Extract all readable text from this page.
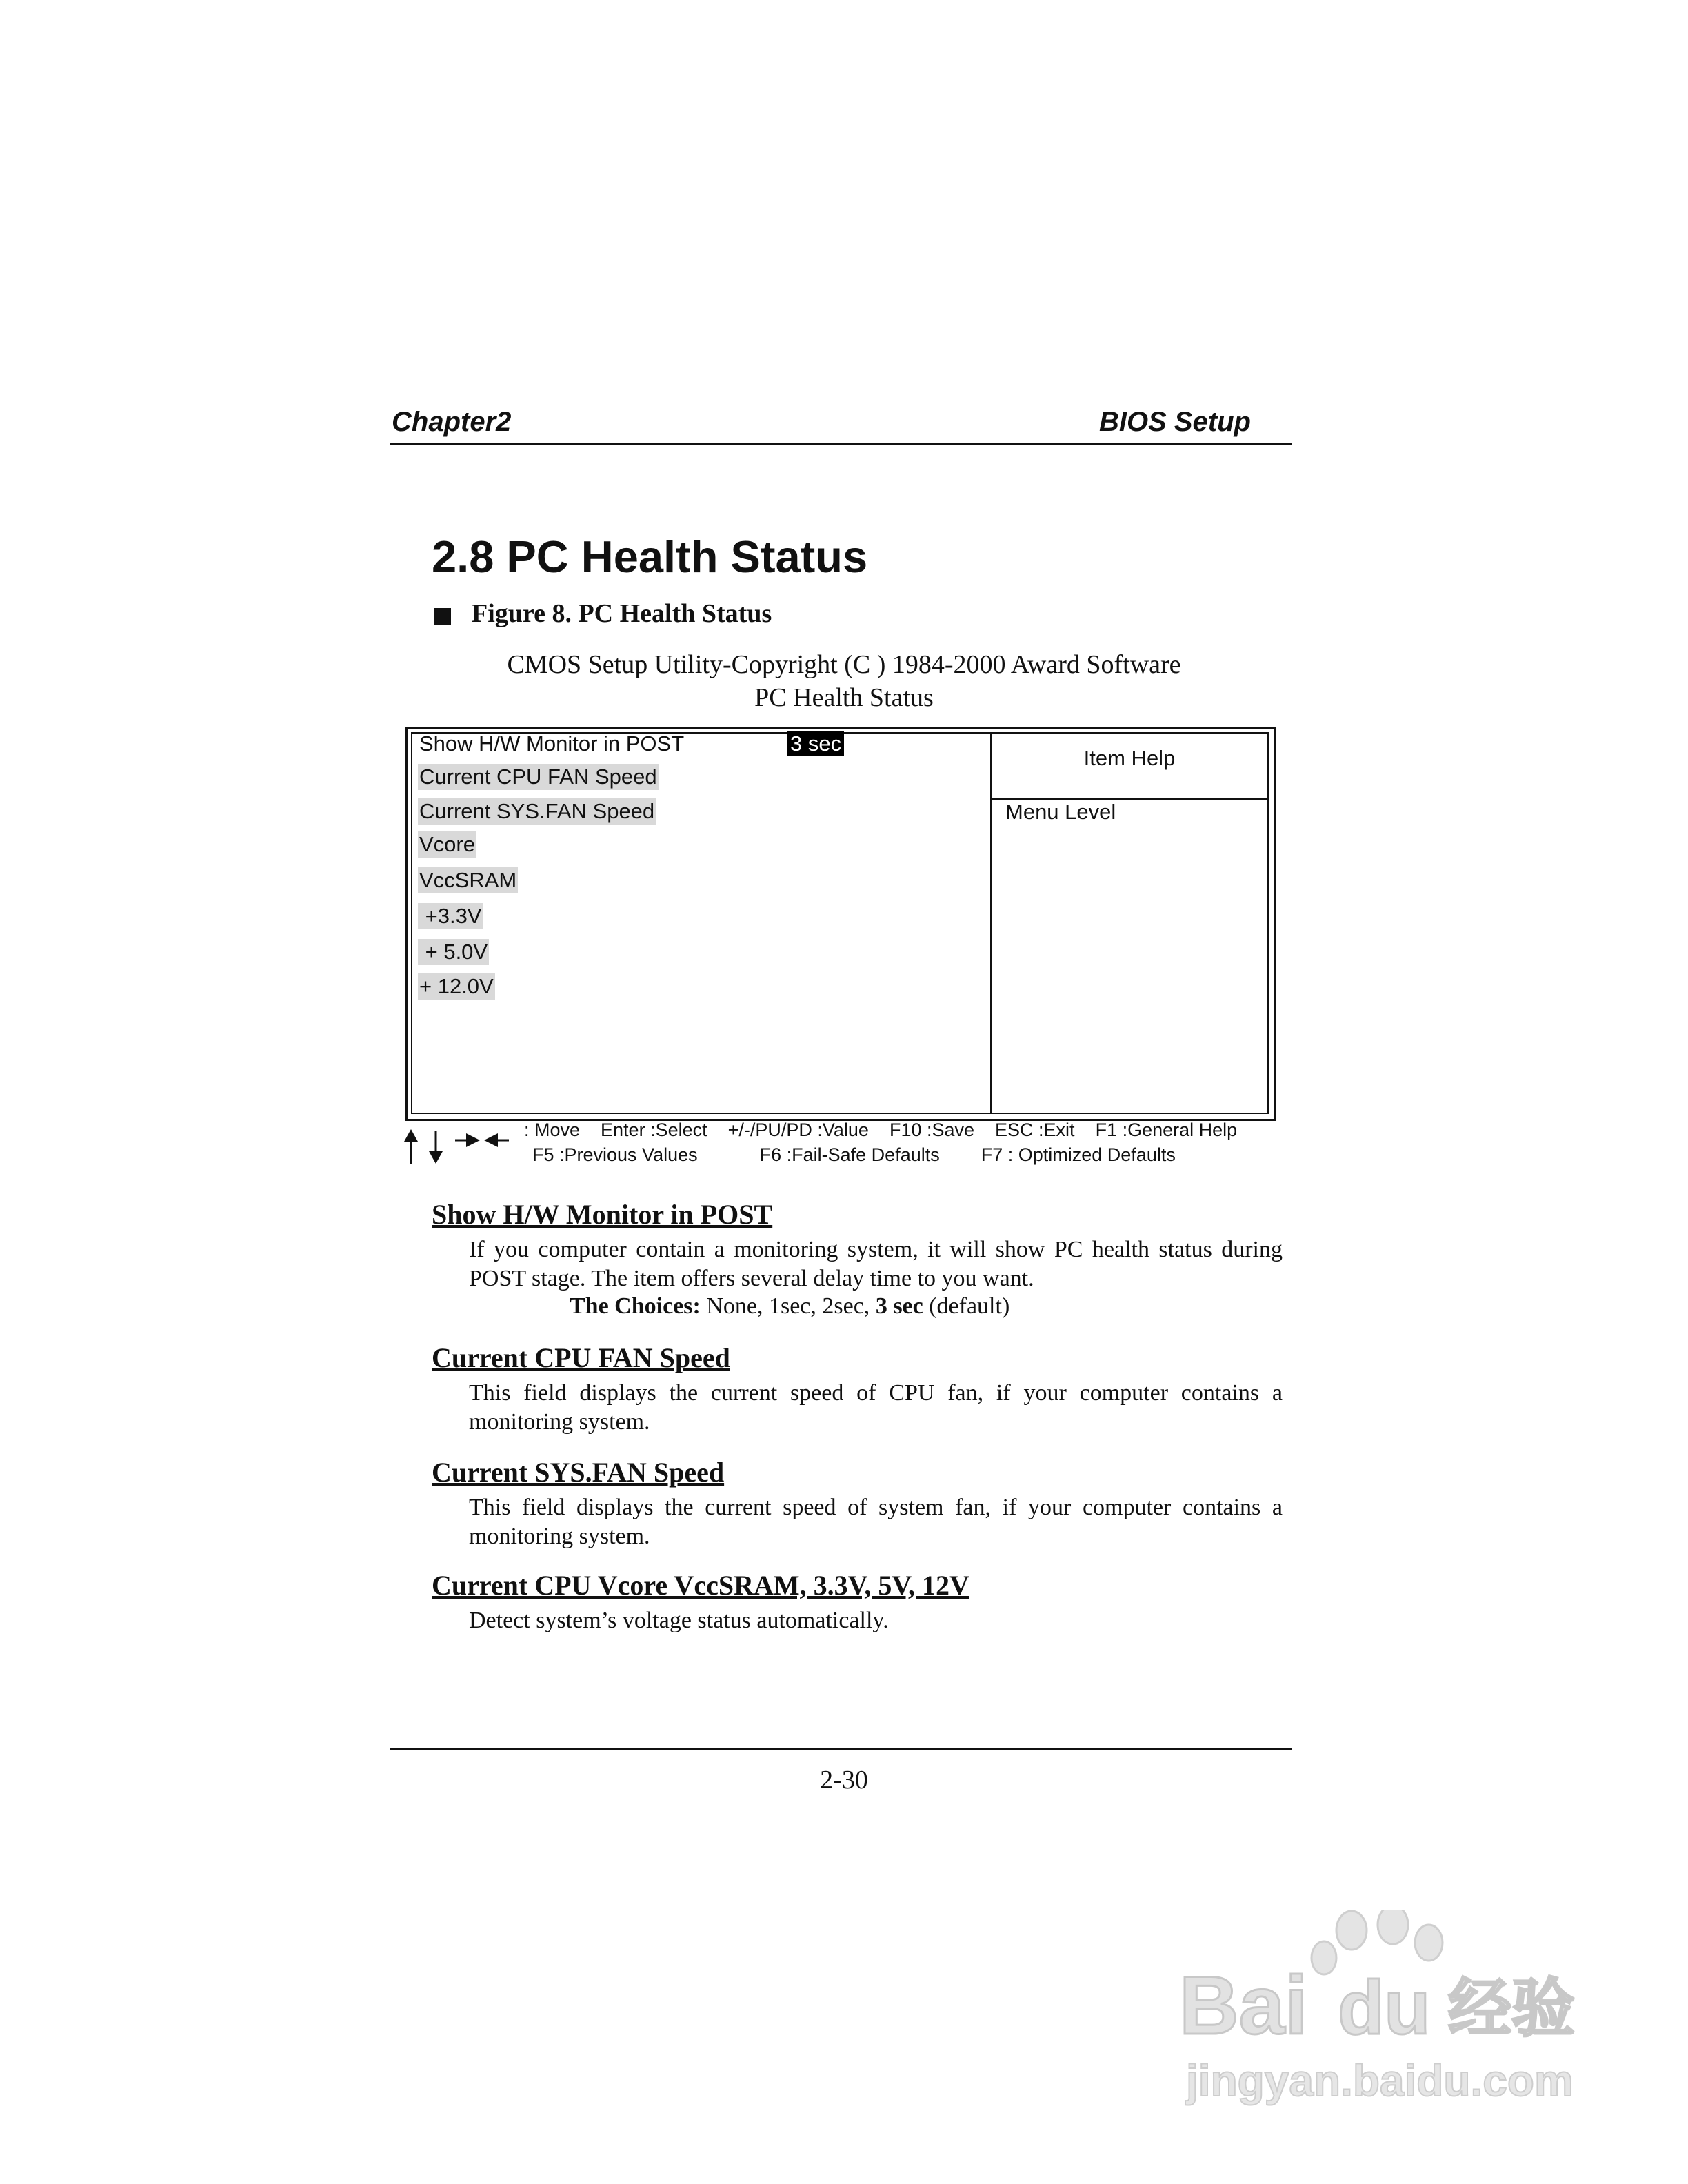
Chapter2	BIOS Setup
2.8 PC Health Status
Figure 8. PC Health Status
CMOS Setup Utility-Copyright (C ) 1984-2000 Award Software
PC Health Status
Show H/W Monitor in POST	3 sec
Current CPU FAN Speed
Current SYS.FAN Speed
Vcore
VccSRAM
+3.3V
+ 5.0V
+ 12.0V
Item Help
Menu Level
: Move    Enter :Select    +/-/PU/PD :Value    F10 :Save    ESC :Exit    F1 :General Help
F5 :Previous Values            F6 :Fail-Safe Defaults        F7 : Optimized Defaults
Show H/W Monitor in POST
If you computer contain a monitoring system, it will show PC health status during POST stage. The item offers several delay time to you want.
The Choices: None, 1sec, 2sec, 3 sec (default)
Current CPU FAN Speed
This field displays the current speed of CPU fan, if your computer contains a monitoring system.
Current SYS.FAN Speed
This field displays the current speed of system fan, if your computer contains a monitoring system.
Current CPU Vcore VccSRAM, 3.3V, 5V, 12V
Detect system’s voltage status automatically.
2-30
Bai du 经验
jingyan.baidu.com
